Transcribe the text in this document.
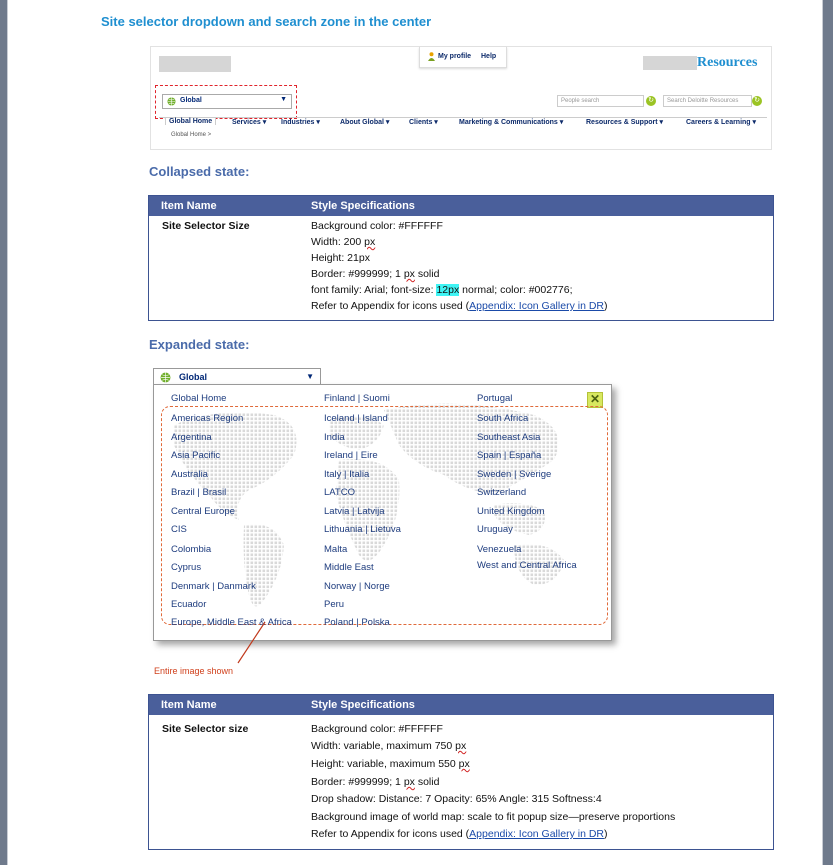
Site selector dropdown and search zone in the center
Resources
My profile Help
Global	▼	People search	↻	Search Deloitte Resources	↻
Global Home	Services ▾ Industries ▾	About Global ▾	Clients ▾	Marketing & Communications ▾	Resources & Support ▾	Careers & Learning ▾
Global Home >
Collapsed state:
Item Name	Style Specifications
Site Selector Size	Background color: #FFFFFF
Width: 200 px
Height: 21px
Border: #999999; 1 px solid
font family: Arial; font-size: 12px normal; color: #002776;
Refer to Appendix for icons used (Appendix: Icon Gallery in DR)
Expanded state:
Global	▼
✕
Global Home
Americas Region
Argentina
Asia Pacific
Australia
Brazil | Brasil
Central Europe
CIS
Colombia
Cyprus
Denmark | Danmark
Ecuador
Europe, Middle East & Africa
Finland | Suomi
Iceland | Island
India
Ireland | Eire
Italy | Italia
LATCO
Latvia | Latvija
Lithuania | Lietuva
Malta
Middle East
Norway | Norge
Peru
Poland | Polska
Portugal
South Africa
Southeast Asia
Spain | España
Sweden | Sverige
Switzerland
United Kingdom
Uruguay
Venezuela
West and Central Africa
Entire image shown
Item Name	Style Specifications
Site Selector size	Background color: #FFFFFF
Width: variable, maximum 750 px
Height: variable, maximum 550 px
Border: #999999; 1 px solid
Drop shadow: Distance: 7 Opacity: 65% Angle: 315 Softness:4
Background image of world map: scale to fit popup size—preserve proportions
Refer to Appendix for icons used (Appendix: Icon Gallery in DR)
